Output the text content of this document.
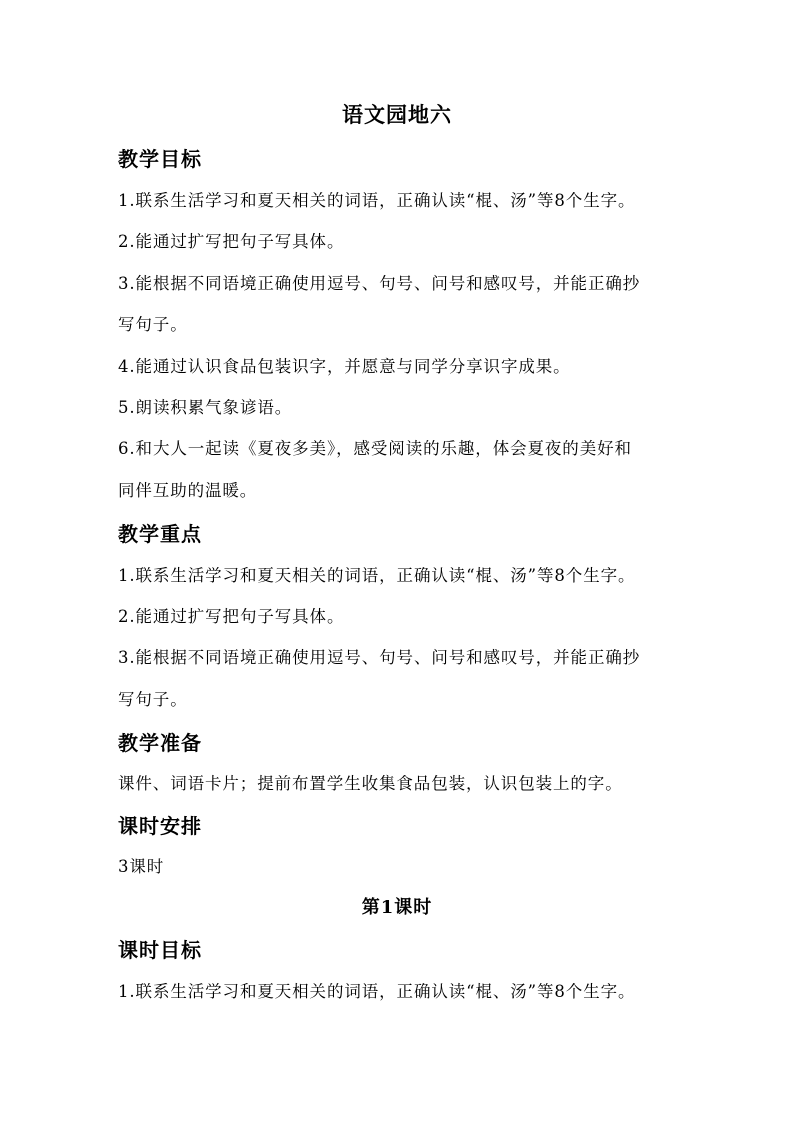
语文园地六
教学目标
1.联系生活学习和夏天相关的词语，正确认读“棍、汤”等8个生字。
2.能通过扩写把句子写具体。
3.能根据不同语境正确使用逗号、句号、问号和感叹号，并能正确抄
写句子。
4.能通过认识食品包装识字，并愿意与同学分享识字成果。
5.朗读积累气象谚语。
6.和大人一起读《夏夜多美》，感受阅读的乐趣，体会夏夜的美好和
同伴互助的温暖。
教学重点
1.联系生活学习和夏天相关的词语，正确认读“棍、汤”等8个生字。
2.能通过扩写把句子写具体。
3.能根据不同语境正确使用逗号、句号、问号和感叹号，并能正确抄
写句子。
教学准备
课件、词语卡片；提前布置学生收集食品包装，认识包装上的字。
课时安排
3课时
第1课时
课时目标
1.联系生活学习和夏天相关的词语，正确认读“棍、汤”等8个生字。
